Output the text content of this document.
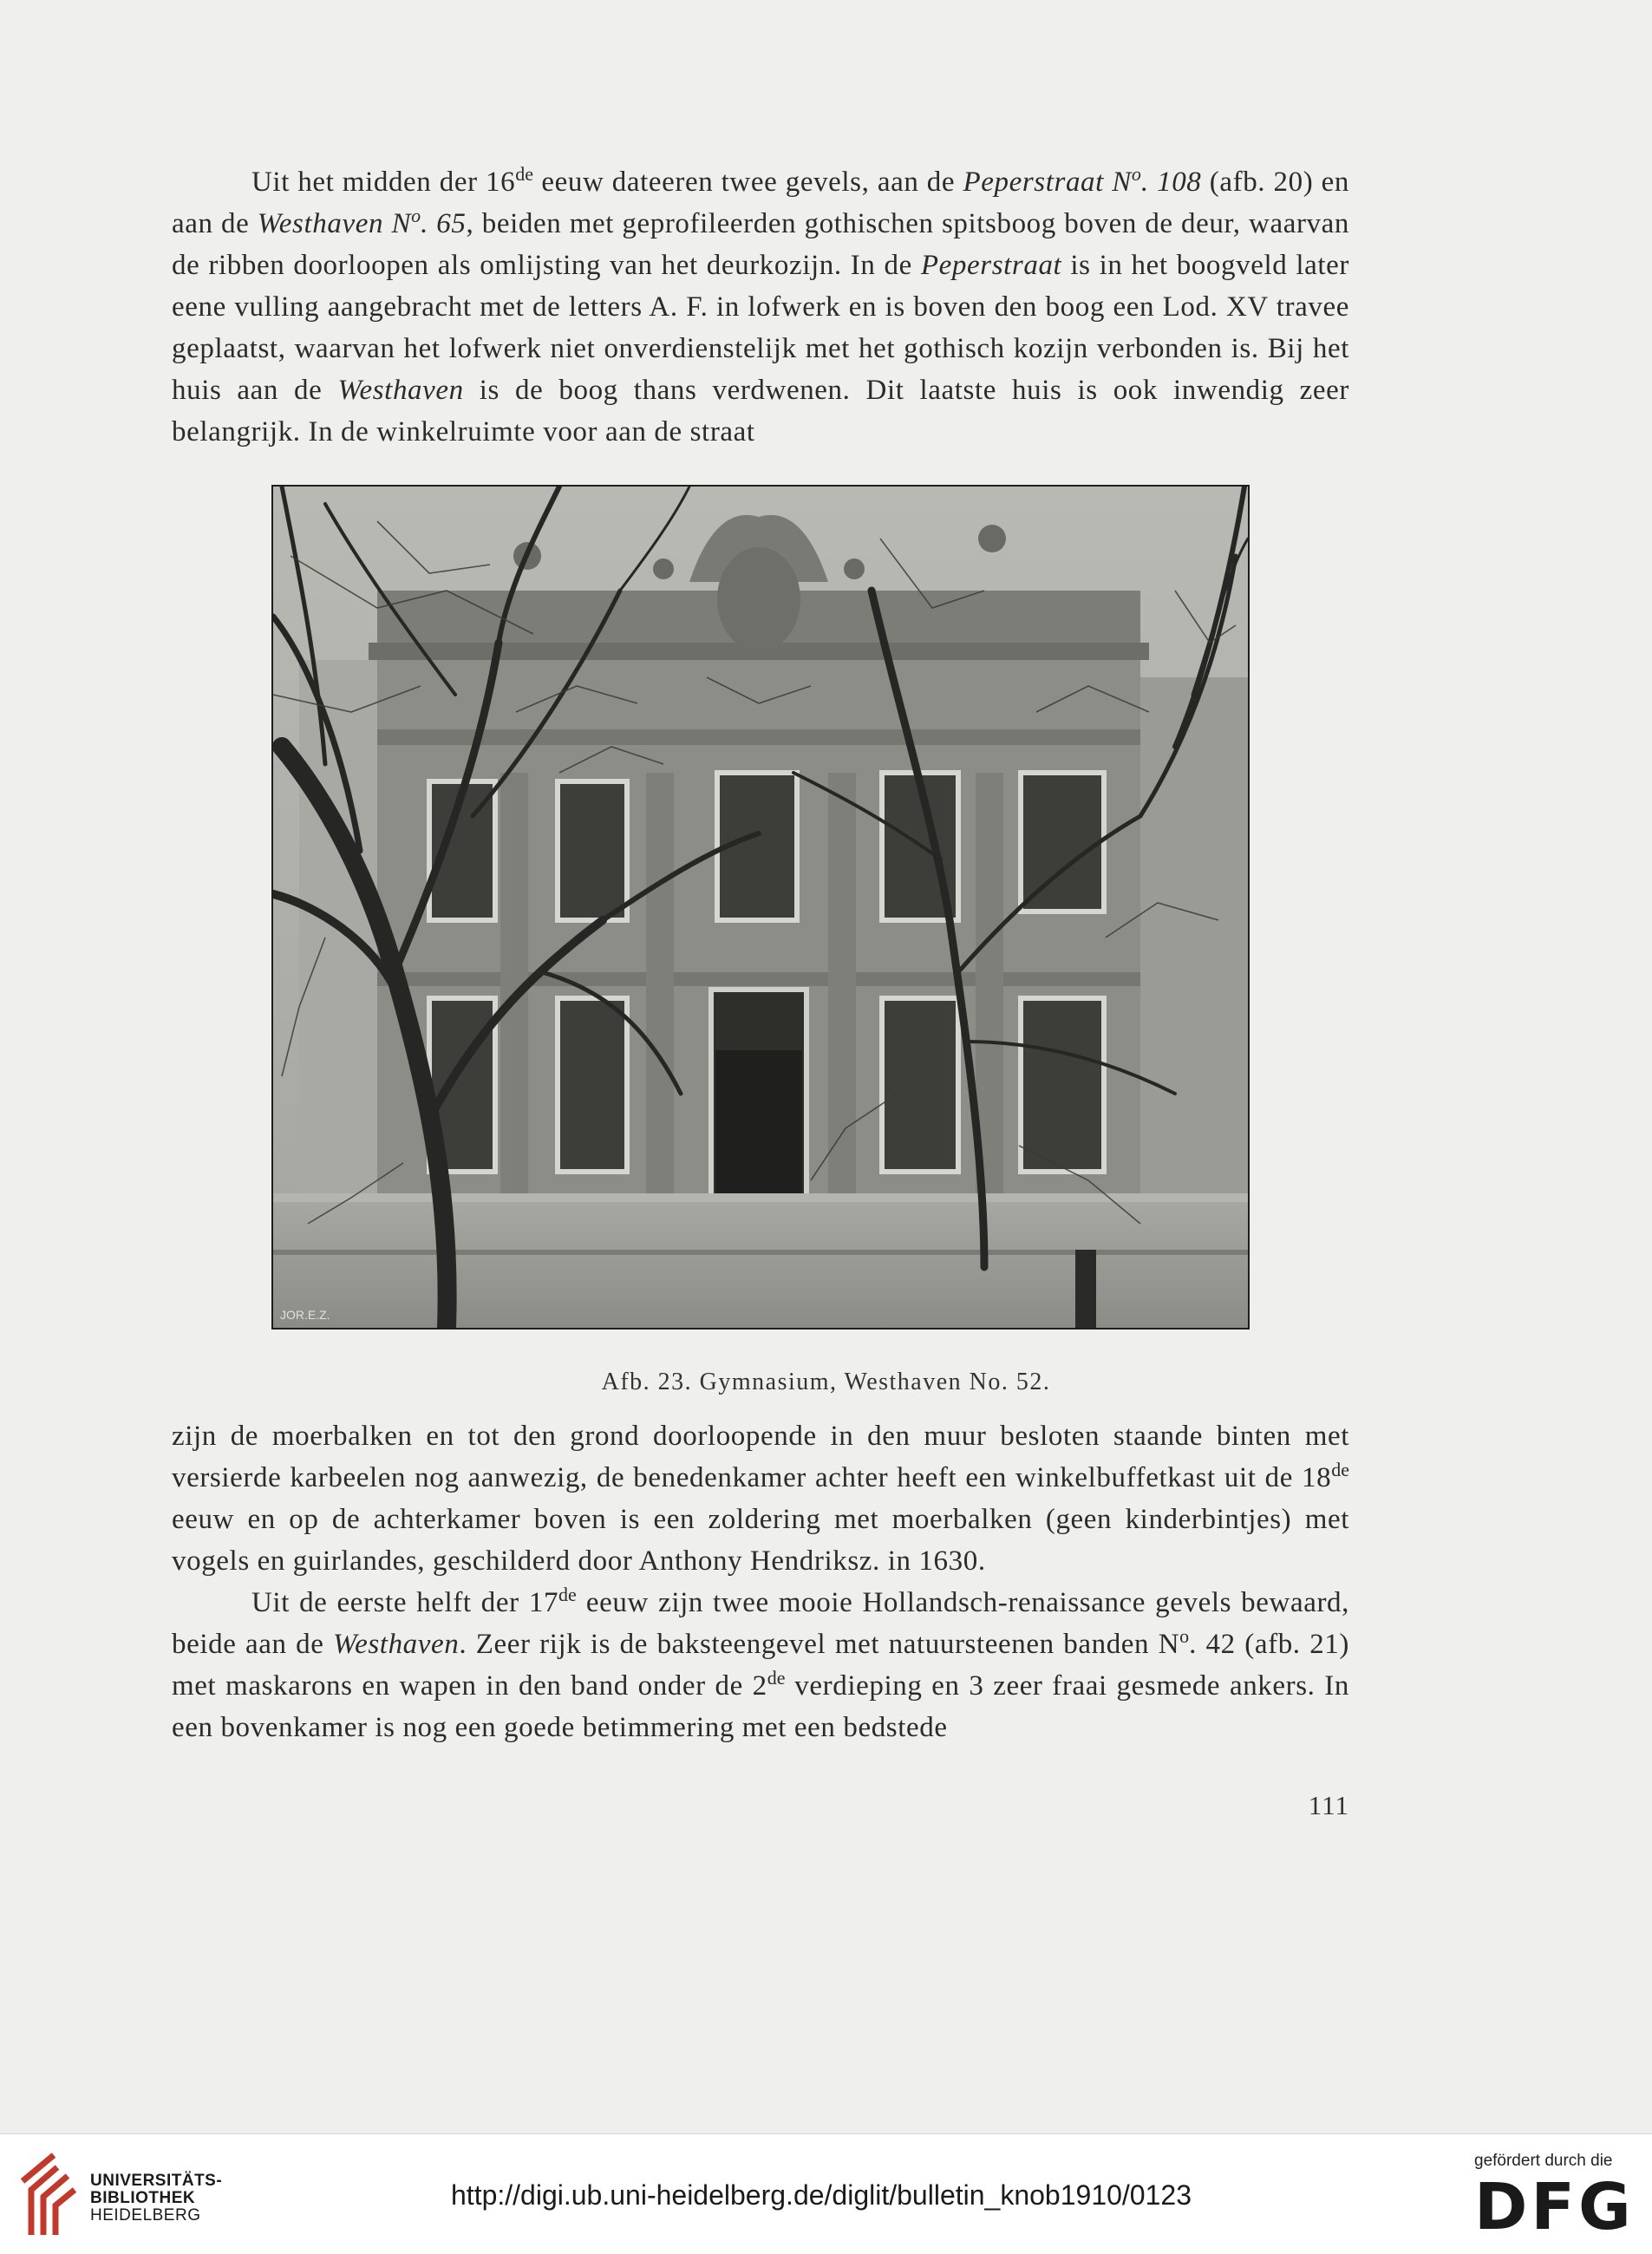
Uit het midden der 16de eeuw dateeren twee gevels, aan de Peperstraat $N^o$. 108 (afb. 20) en aan de Westhaven $N^o$. 65, beiden met geprofileerden gothischen spitsboog boven de deur, waarvan de ribben doorloopen als omlijsting van het deurkozijn. In de Peperstraat is in het boogveld later eene vulling aangebracht met de letters A. F. in lofwerk en is boven den boog een Lod. XV travee geplaatst, waarvan het lofwerk niet onverdienstelijk met het gothisch kozijn verbonden is. Bij het huis aan de Westhaven is de boog thans verdwenen. Dit laatste huis is ook inwendig zeer belangrijk. In de winkelruimte voor aan de straat

JOR.E.Z.
Afb. 23. Gymnasium, Westhaven No. 52.

zijn de moerbalken en tot den grond doorloopende in den muur besloten staande binten met versierde karbeelen nog aanwezig, de benedenkamer achter heeft een winkelbuffetkast uit de 18de eeuw en op de achterkamer boven is een zoldering met moerbalken (geen kinderbintjes) met vogels en guirlandes, geschilderd door Anthony Hendriksz. in 1630.

Uit de eerste helft der 17de eeuw zijn twee mooie Hollandsch-renaissance gevels bewaard, beide aan de Westhaven. Zeer rijk is de baksteengevel met natuursteenen banden $N^o$. 42 (afb. 21) met maskarons en wapen in den band onder de 2de verdieping en 3 zeer fraai gesmede ankers. In een bovenkamer is nog een goede betimmering met een bedstede

111
UNIVERSITÄTS-
BIBLIOTHEK
HEIDELBERG
http://digi.ub.uni-heidelberg.de/diglit/bulletin_knob1910/0123
gefördert durch die
DFG
